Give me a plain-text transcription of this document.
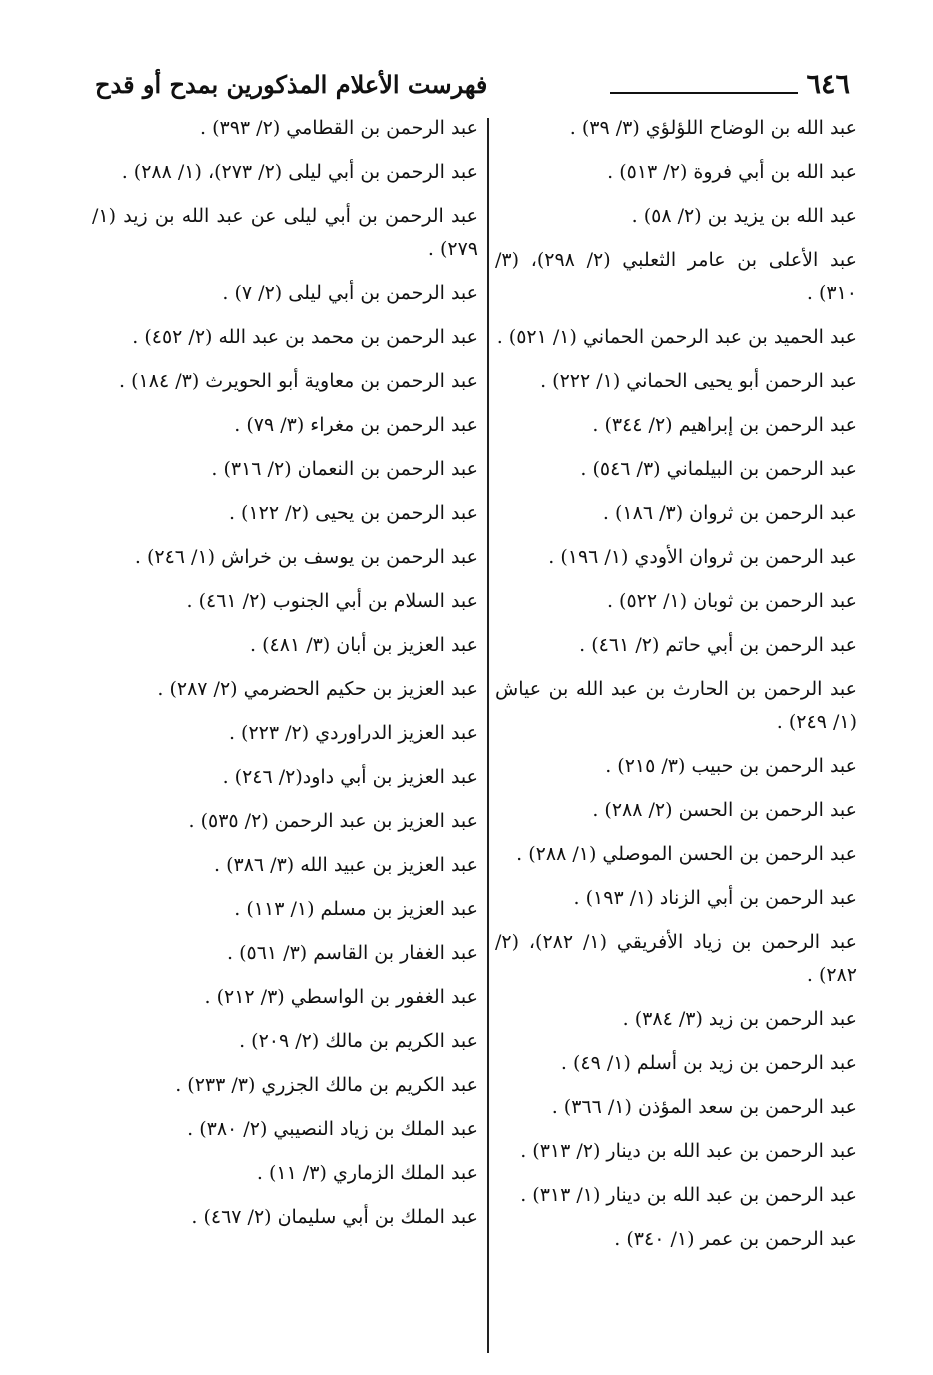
٦٤٦
فهرست الأعلام المذكورين بمدح أو قدح

عبد الله بن الوضاح اللؤلؤي (٣/ ٣٩) .

عبد الله بن أبي فروة (٢/ ٥١٣) .

عبد الله بن يزيد بن (٢/ ٥٨) .

عبد الأعلى بن عامر الثعلبي (٢/ ٢٩٨)، (٣/ ٣١٠) .

عبد الحميد بن عبد الرحمن الحماني (١/ ٥٢١) .

عبد الرحمن أبو يحيى الحماني (١/ ٢٢٢) .

عبد الرحمن بن إبراهيم (٢/ ٣٤٤) .

عبد الرحمن بن البيلماني (٣/ ٥٤٦) .

عبد الرحمن بن ثروان (٣/ ١٨٦) .

عبد الرحمن بن ثروان الأودي (١/ ١٩٦) .

عبد الرحمن بن ثوبان (١/ ٥٢٢) .

عبد الرحمن بن أبي حاتم (٢/ ٤٦١) .

عبد الرحمن بن الحارث بن عبد الله بن عياش (١/ ٢٤٩) .

عبد الرحمن بن حبيب (٣/ ٢١٥) .

عبد الرحمن بن الحسن (٢/ ٢٨٨) .

عبد الرحمن بن الحسن الموصلي (١/ ٢٨٨) .

عبد الرحمن بن أبي الزناد (١/ ١٩٣) .

عبد الرحمن بن زياد الأفريقي (١/ ٢٨٢)، (٢/ ٢٨٢) .

عبد الرحمن بن زيد (٣/ ٣٨٤) .

عبد الرحمن بن زيد بن أسلم (١/ ٤٩) .

عبد الرحمن بن سعد المؤذن (١/ ٣٦٦) .

عبد الرحمن بن عبد الله بن دينار (٢/ ٣١٣) .

عبد الرحمن بن عبد الله بن دينار (١/ ٣١٣) .

عبد الرحمن بن عمر (١/ ٣٤٠) .

عبد الرحمن بن القطامي (٢/ ٣٩٣) .

عبد الرحمن بن أبي ليلى (٢/ ٢٧٣)، (١/ ٢٨٨) .

عبد الرحمن بن أبي ليلى عن عبد الله بن زيد (١/ ٢٧٩) .

عبد الرحمن بن أبي ليلى (٢/ ٧) .

عبد الرحمن بن محمد بن عبد الله (٢/ ٤٥٢) .

عبد الرحمن بن معاوية أبو الحويرث (٣/ ١٨٤) .

عبد الرحمن بن مغراء (٣/ ٧٩) .

عبد الرحمن بن النعمان (٢/ ٣١٦) .

عبد الرحمن بن يحيى (٢/ ١٢٢) .

عبد الرحمن بن يوسف بن خراش (١/ ٢٤٦) .

عبد السلام بن أبي الجنوب (٢/ ٤٦١) .

عبد العزيز بن أبان (٣/ ٤٨١) .

عبد العزيز بن حكيم الحضرمي (٢/ ٢٨٧) .

عبد العزيز الدراوردي (٢/ ٢٢٣) .

عبد العزيز بن أبي داود(٢/ ٢٤٦) .

عبد العزيز بن عبد الرحمن (٢/ ٥٣٥) .

عبد العزيز بن عبيد الله (٣/ ٣٨٦) .

عبد العزيز بن مسلم (١/ ١١٣) .

عبد الغفار بن القاسم (٣/ ٥٦١) .

عبد الغفور بن الواسطي (٣/ ٢١٢) .

عبد الكريم بن مالك (٢/ ٢٠٩) .

عبد الكريم بن مالك الجزري (٣/ ٢٣٣) .

عبد الملك بن زياد النصيبي (٢/ ٣٨٠) .

عبد الملك الزماري (٣/ ١١) .

عبد الملك بن أبي سليمان (٢/ ٤٦٧) .
